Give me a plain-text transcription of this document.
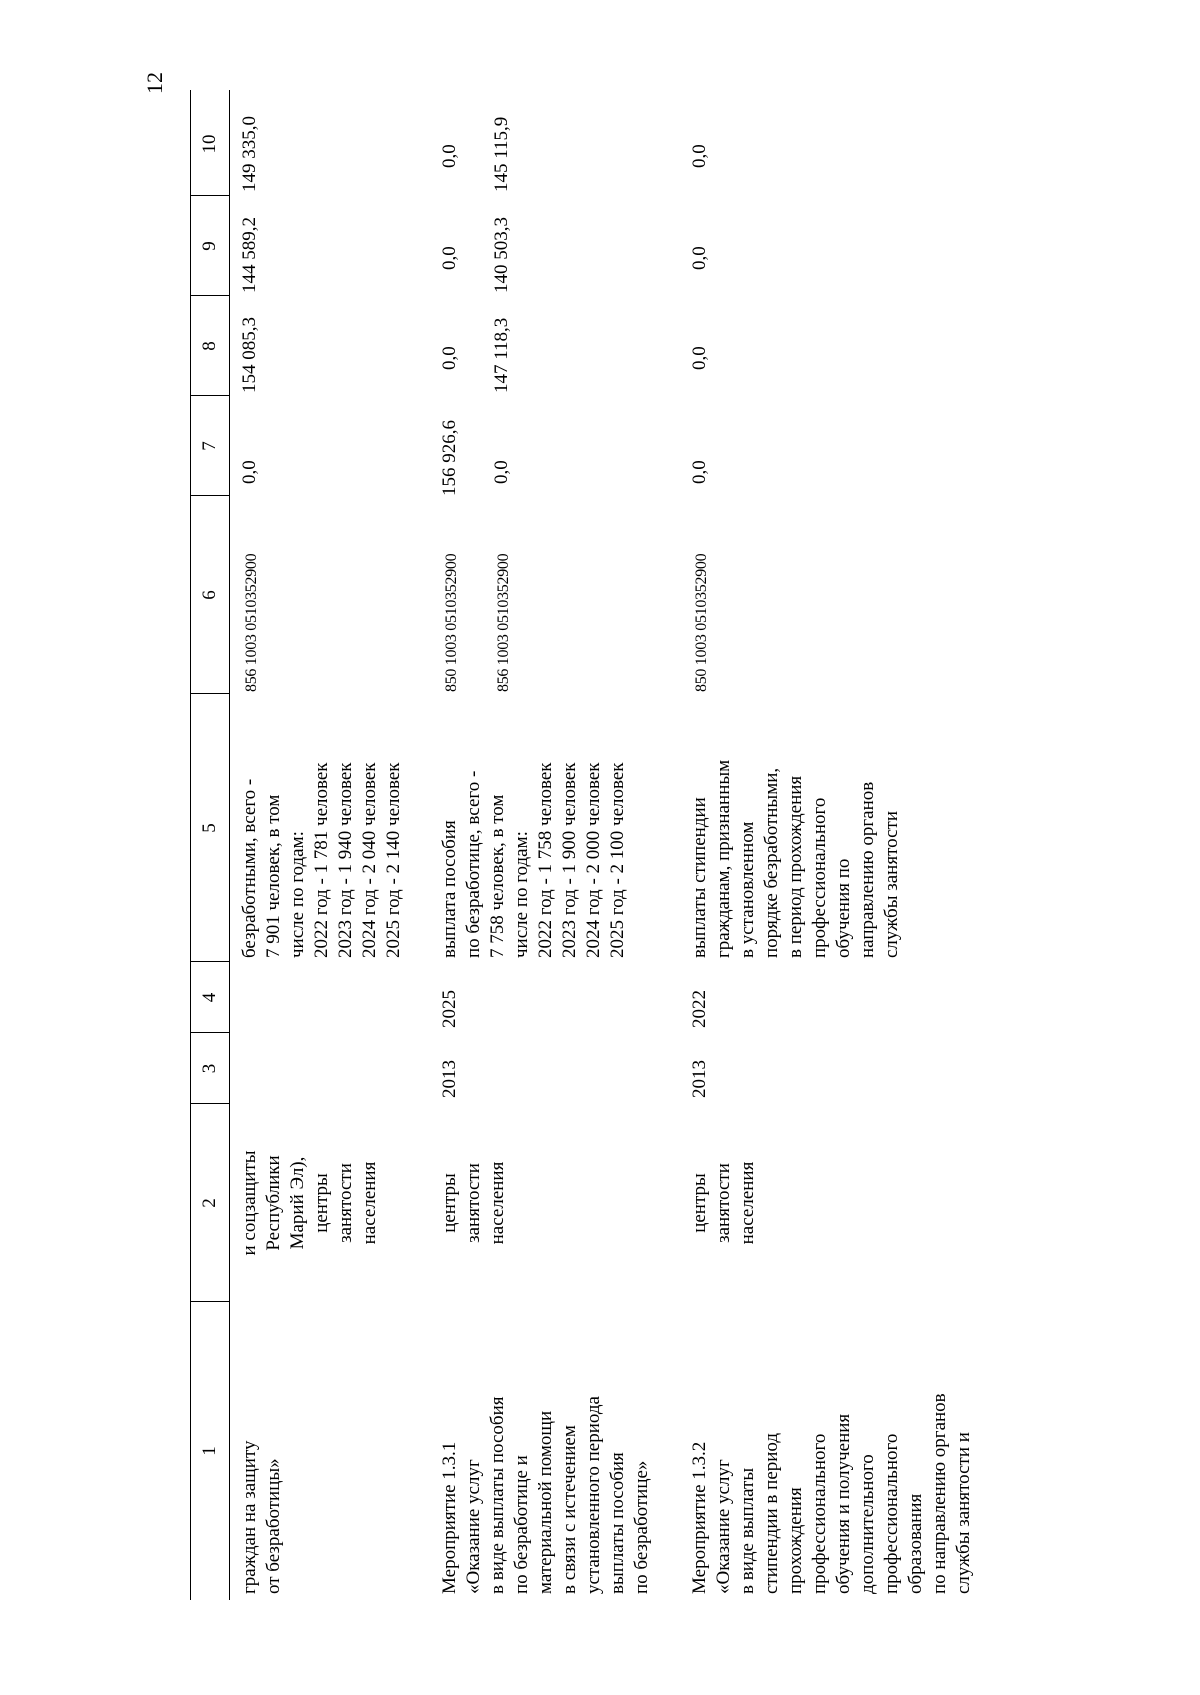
12
1
2
3
4
5
6
7
8
9
10
граждан на защиту от безработицы»
и соцзащиты Республики Марий Эл), центры занятости населения
безработными, всего - 7 901 человек, в том числе по годам: 2022 год - 1 781 человек 2023 год - 1 940 человек 2024 год - 2 040 человек 2025 год - 2 140 человек
856 1003 0510352900
0,0
154 085,3
144 589,2
149 335,0
Мероприятие 1.3.1 «Оказание услуг в виде выплаты пособия по безработице и материальной помощи в связи с истечением установленного периода выплаты пособия по безработице»
центры занятости населения
2013
2025
выплата пособия по безработице, всего - 7 758 человек, в том числе по годам: 2022 год - 1 758 человек 2023 год - 1 900 человек 2024 год - 2 000 человек 2025 год - 2 100 человек
850 1003 0510352900 856 1003 0510352900
156 926,6 0,0
0,0 147 118,3
0,0 140 503,3
0,0 145 115,9
Мероприятие 1.3.2 «Оказание услуг в виде выплаты стипендии в период прохождения профессионального обучения и получения дополнительного профессионального образования по направлению органов службы занятости и
центры занятости населения
2013
2022
выплаты стипендии гражданам, признанным в установленном порядке безработными, в период прохождения профессионального обучения по направлению органов службы занятости
850 1003 0510352900
0,0
0,0
0,0
0,0
